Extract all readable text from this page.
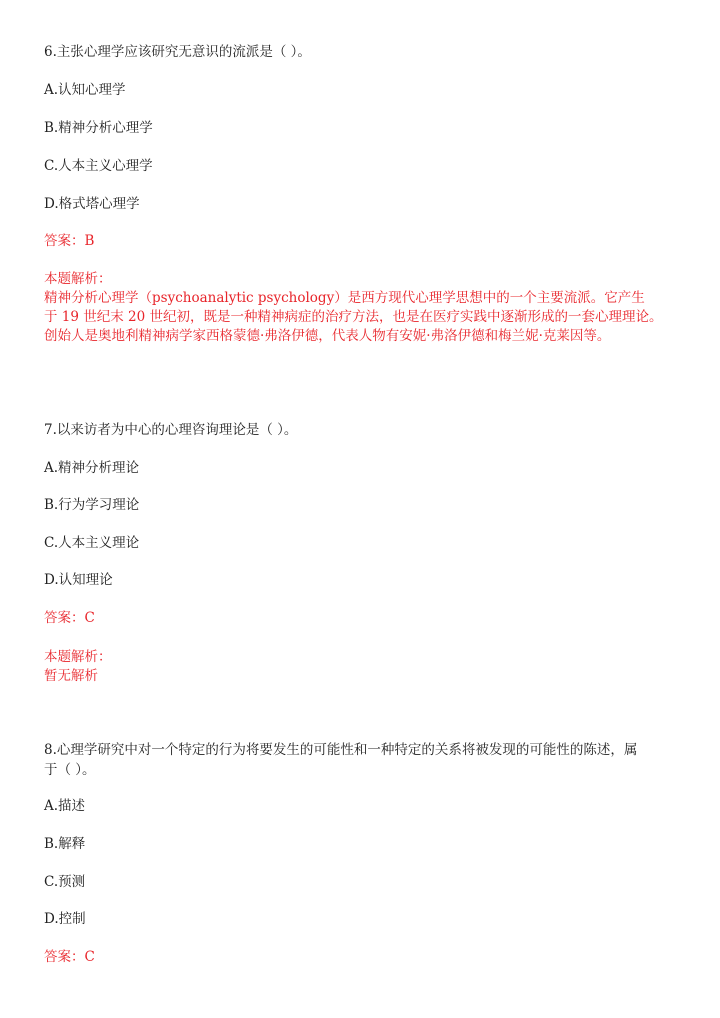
6.主张心理学应该研究无意识的流派是（ ）。
A.认知心理学
B.精神分析心理学
C.人本主义心理学
D.格式塔心理学
答案：B
本题解析：
精神分析心理学（psychoanalytic psychology）是西方现代心理学思想中的一个主要流派。它产生
于 19 世纪末 20 世纪初，既是一种精神病症的治疗方法，也是在医疗实践中逐渐形成的一套心理理论。
创始人是奥地利精神病学家西格蒙德·弗洛伊德，代表人物有安妮·弗洛伊德和梅兰妮·克莱因等。
7.以来访者为中心的心理咨询理论是（ ）。
A.精神分析理论
B.行为学习理论
C.人本主义理论
D.认知理论
答案：C
本题解析：
暂无解析
8.心理学研究中对一个特定的行为将要发生的可能性和一种特定的关系将被发现的可能性的陈述，属
于（ ）。
A.描述
B.解释
C.预测
D.控制
答案：C
